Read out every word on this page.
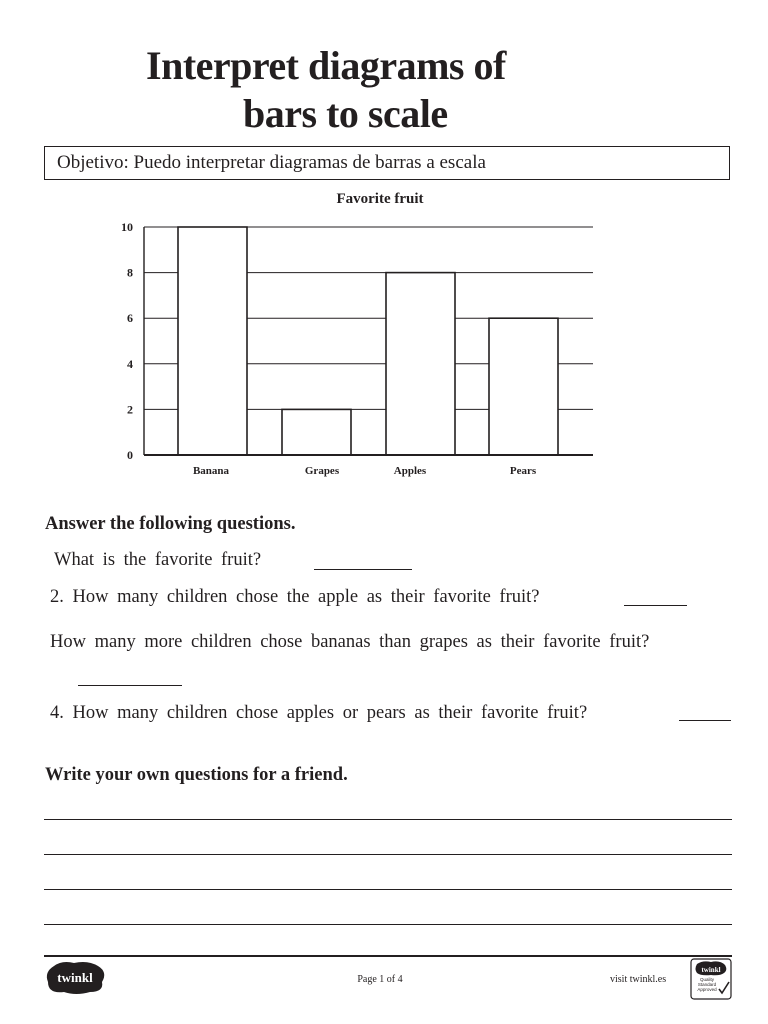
Interpret diagrams of
bars to scale
Objetivo: Puedo interpretar diagramas de barras a escala
Favorite fruit
0
2
4
6
8
10
Banana	Grapes	Apples	Pears
Answer the following questions.
What is the favorite fruit?
2. How many children chose the apple as their favorite fruit?
How many more children chose bananas than grapes as their favorite fruit?
4. How many children chose apples or pears as their favorite fruit?
Write your own questions for a friend.
twinkl	Page 1 of 4	visit twinkl.es
twinkl
Quality Standard Approved
